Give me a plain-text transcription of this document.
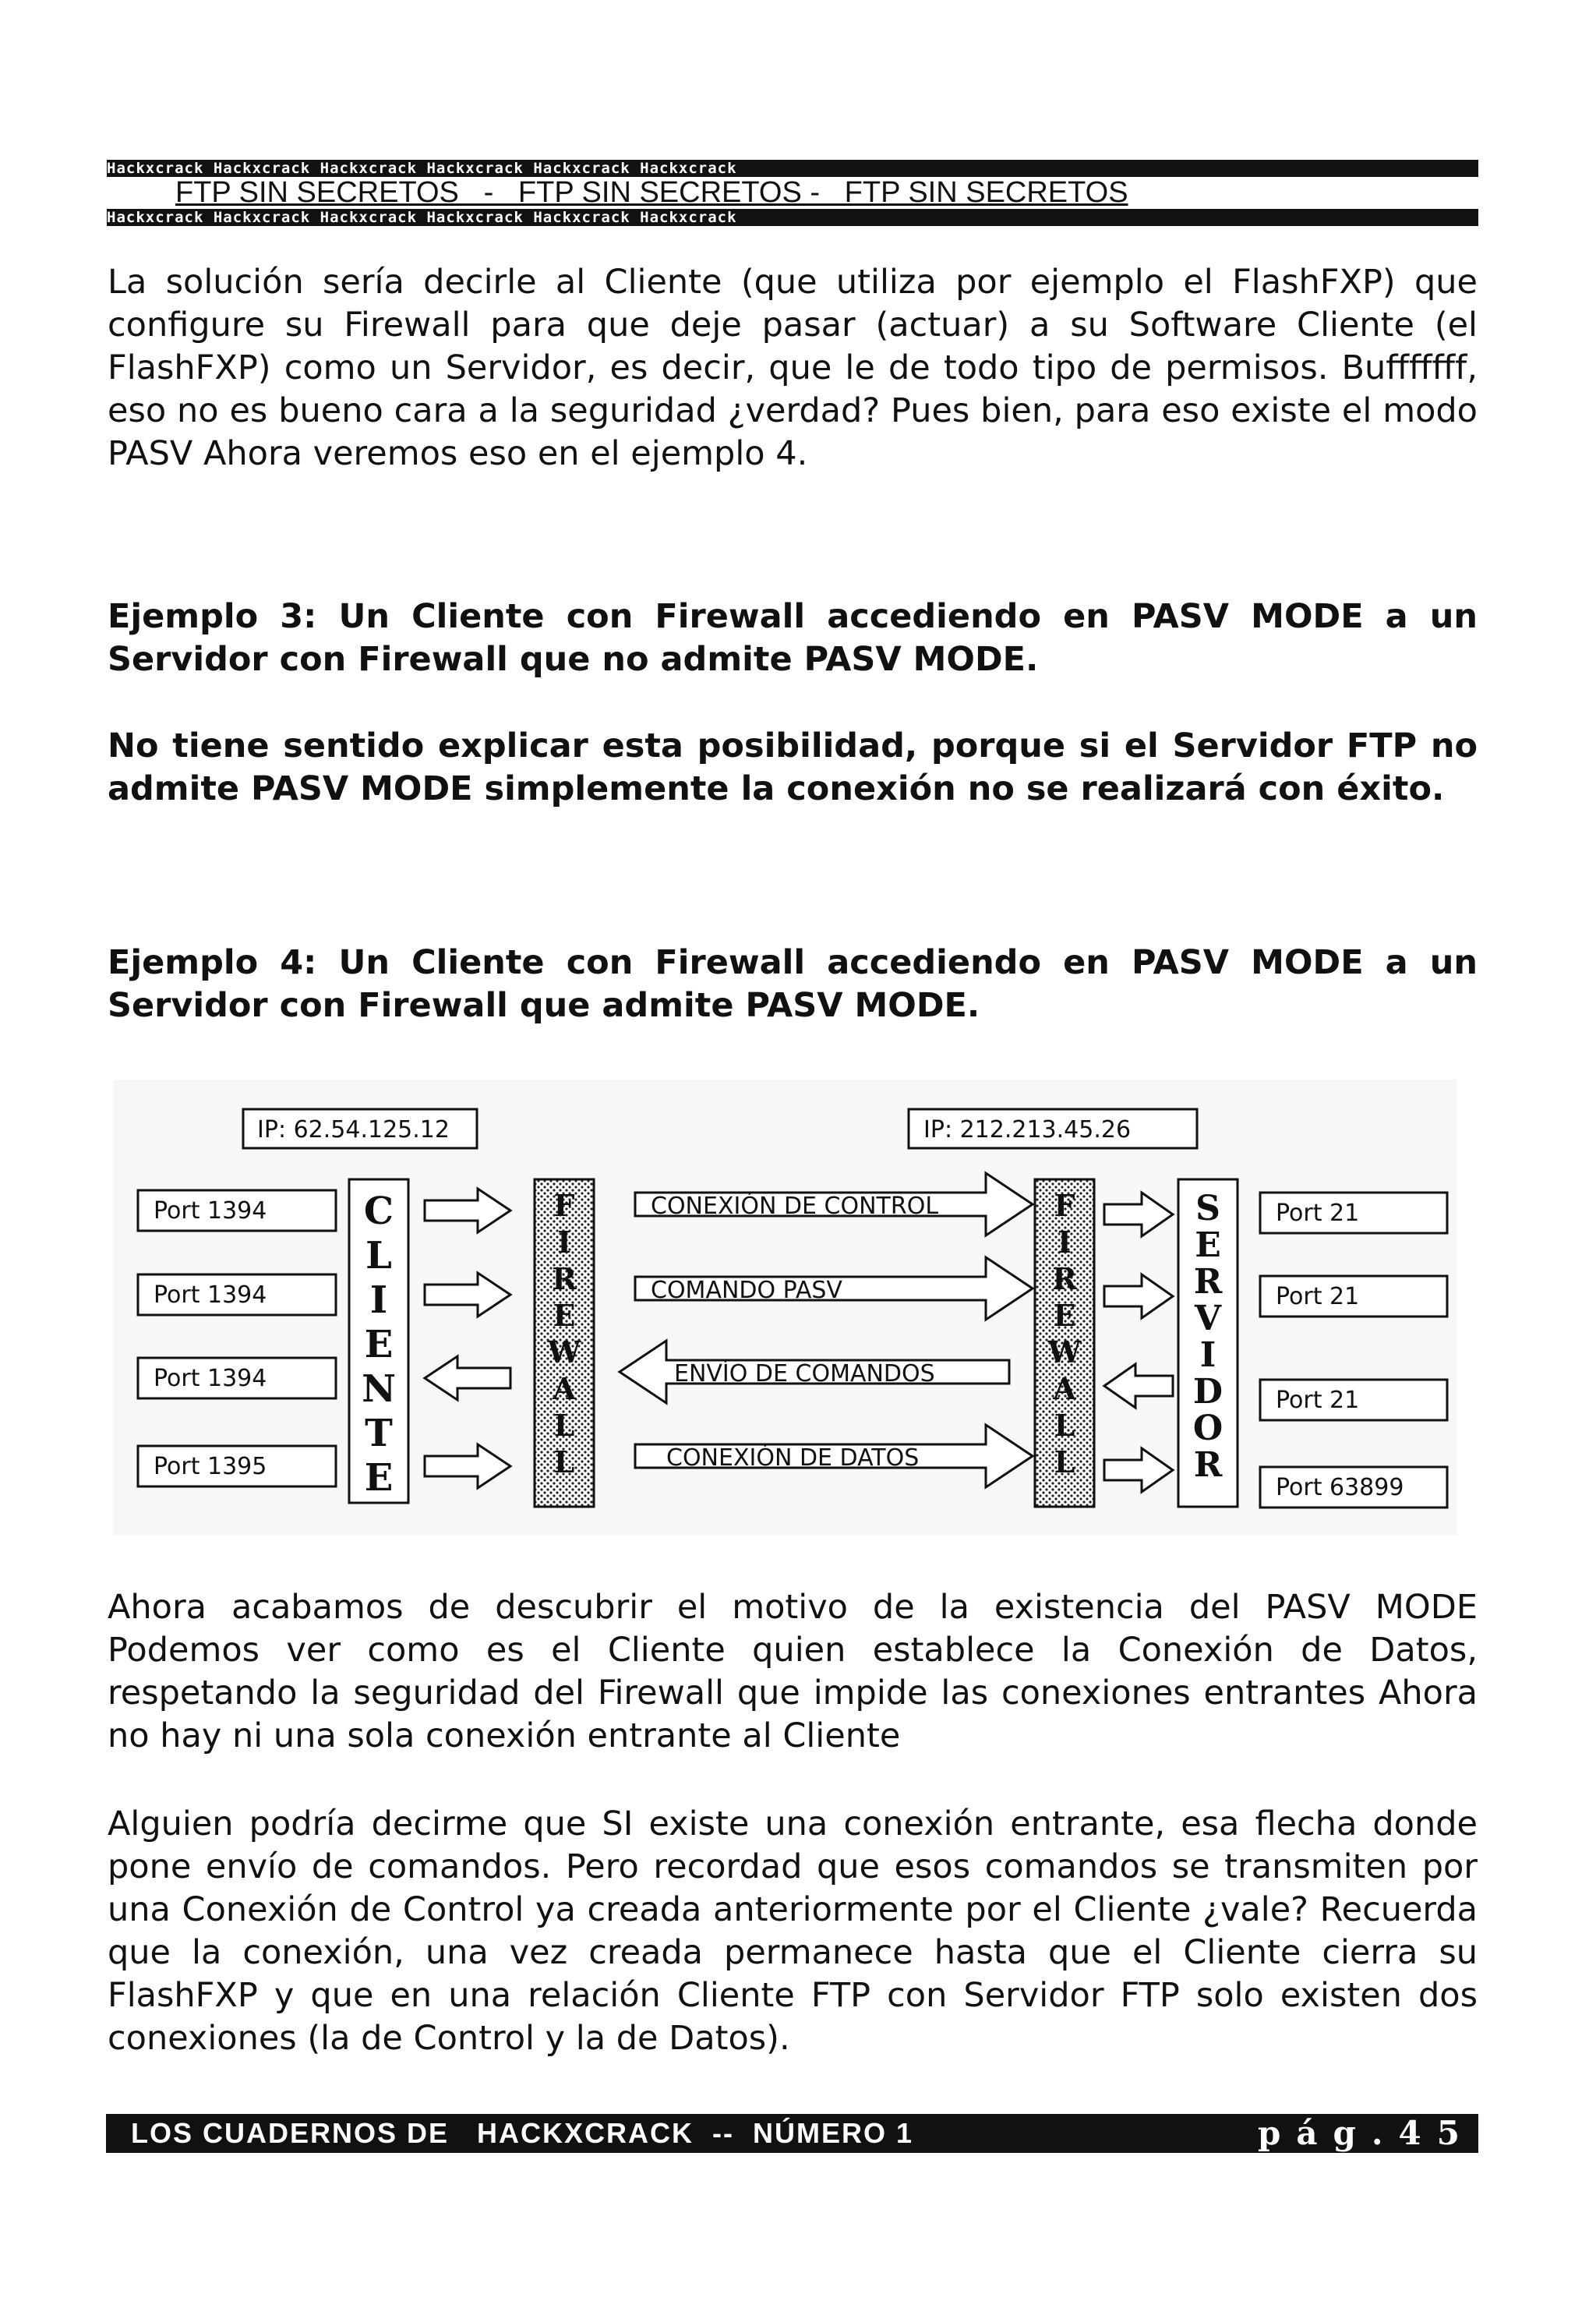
Hackxcrack Hackxcrack Hackxcrack Hackxcrack Hackxcrack Hackxcrack
FTP SIN SECRETOS   -   FTP SIN SECRETOS -   FTP SIN SECRETOS
Hackxcrack Hackxcrack Hackxcrack Hackxcrack Hackxcrack Hackxcrack

La solución sería decirle al Cliente (que utiliza por ejemplo el FlashFXP) que configure su Firewall para que deje pasar (actuar) a su Software Cliente (el FlashFXP) como un Servidor, es decir, que le de todo tipo de permisos. Bufffffff, eso no es bueno cara a la seguridad ¿verdad? Pues bien, para eso existe el modo PASV Ahora veremos eso en el ejemplo 4.

Ejemplo 3: Un Cliente con Firewall accediendo en PASV MODE a un Servidor con Firewall que no admite PASV MODE.

No tiene sentido explicar esta posibilidad, porque si el Servidor FTP no admite PASV MODE simplemente la conexión no se realizará con éxito.

Ejemplo 4: Un Cliente con Firewall accediendo en PASV MODE a un Servidor con Firewall que admite PASV MODE.

IP: 62.54.125.12	IP: 212.213.45.26
Port 1394
Port 1394
Port 1394
Port 1395
C L I E N T E
F I R E W A L L
CONEXIÓN DE CONTROL
COMANDO PASV
ENVÍO DE COMANDOS
CONEXIÓN DE DATOS
F I R E W A L L
S E R V I D O R
Port 21
Port 21
Port 21
Port 63899

Ahora acabamos de descubrir el motivo de la existencia del PASV MODE Podemos ver como es el Cliente quien establece la Conexión de Datos, respetando la seguridad del Firewall que impide las conexiones entrantes Ahora no hay ni una sola conexión entrante al Cliente

Alguien podría decirme que SI existe una conexión entrante, esa flecha donde pone envío de comandos. Pero recordad que esos comandos se transmiten por una Conexión de Control ya creada anteriormente por el Cliente ¿vale? Recuerda que la conexión, una vez creada permanece hasta que el Cliente cierra su FlashFXP y que en una relación Cliente FTP con Servidor FTP solo existen dos conexiones (la de Control y la de Datos).

LOS CUADERNOS DE   HACKXCRACK  --  NÚMERO 1	pág.45
